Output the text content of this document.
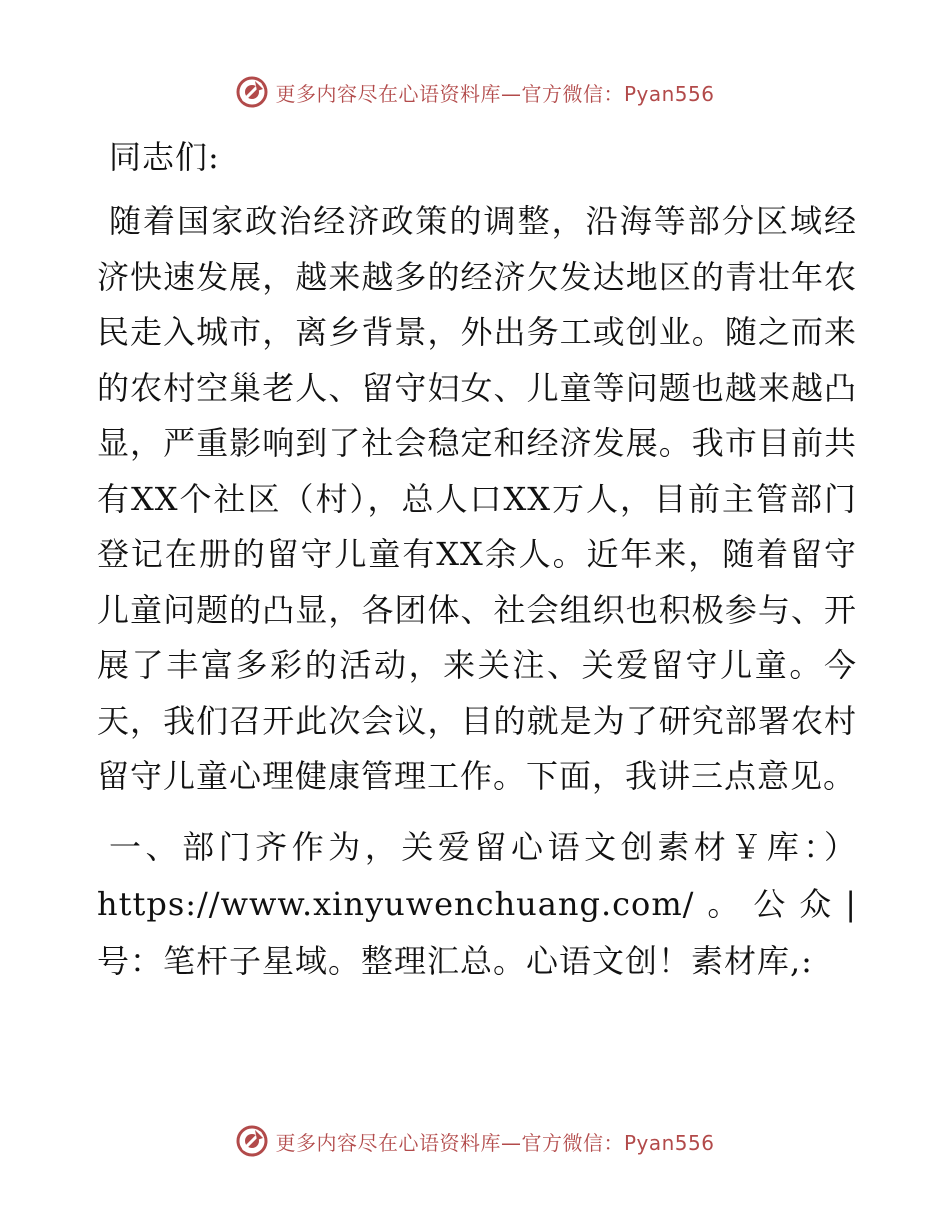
更多内容尽在心语资料库—官方微信：Pyan556
同志们:

随着国家政治经济政策的调整，沿海等部分区域经济快速发展，越来越多的经济欠发达地区的青壮年农民走入城市，离乡背景，外出务工或创业。随之而来的农村空巢老人、留守妇女、儿童等问题也越来越凸显，严重影响到了社会稳定和经济发展。我市目前共有XX个社区（村），总人口XX万人，目前主管部门登记在册的留守儿童有XX余人。近年来，随着留守儿童问题的凸显，各团体、社会组织也积极参与、开展了丰富多彩的活动，来关注、关爱留守儿童。今天，我们召开此次会议，目的就是为了研究部署农村留守儿童心理健康管理工作。下面，我讲三点意见。

一、部门齐作为，关爱留心语文创素材￥库：）https://www.xinyuwenchuang.com/。公众|号：笔杆子星域。整理汇总。心语文创！素材库,:

更多内容尽在心语资料库—官方微信：Pyan556
